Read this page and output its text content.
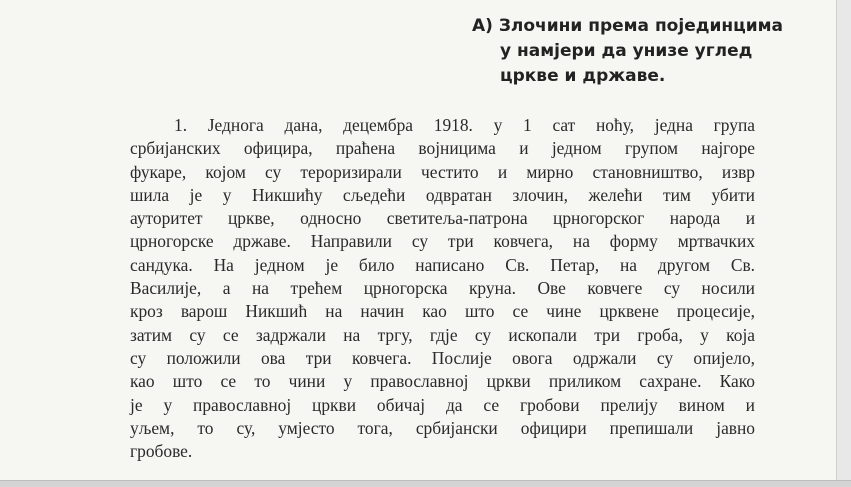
А) Злочини према појединцима
у намјери да унизе углед
цркве и државе.

1. Једнога дана, децембра 1918. у 1 сат ноћу, једна група
србијанских официра, праћена војницима и једном групом најгоре
фукаре, којом су тероризирали честито и мирно становништво, извр
шила је у Никшићу сљедећи одвратан злочин, желећи тим убити
ауторитет цркве, односно светитеља-патрона црногорског народа и
црногорске државе. Направили су три ковчега, на форму мртвачких
сандука. На једном је било написано Св. Петар, на другом Св.
Василије, а на трећем црногорска круна. Ове ковчеге су носили
кроз варош Никшић на начин као што се чине црквене процесије,
затим су се задржали на тргу, гдје су ископали три гроба, у која
су положили ова три ковчега. Послије овога одржали су опијело,
као што се то чини у православној цркви приликом сахране. Како
је у православној цркви обичај да се гробови прелију вином и
уљем, то су, умјесто тога, србијански официри препишали јавно
гробове.
